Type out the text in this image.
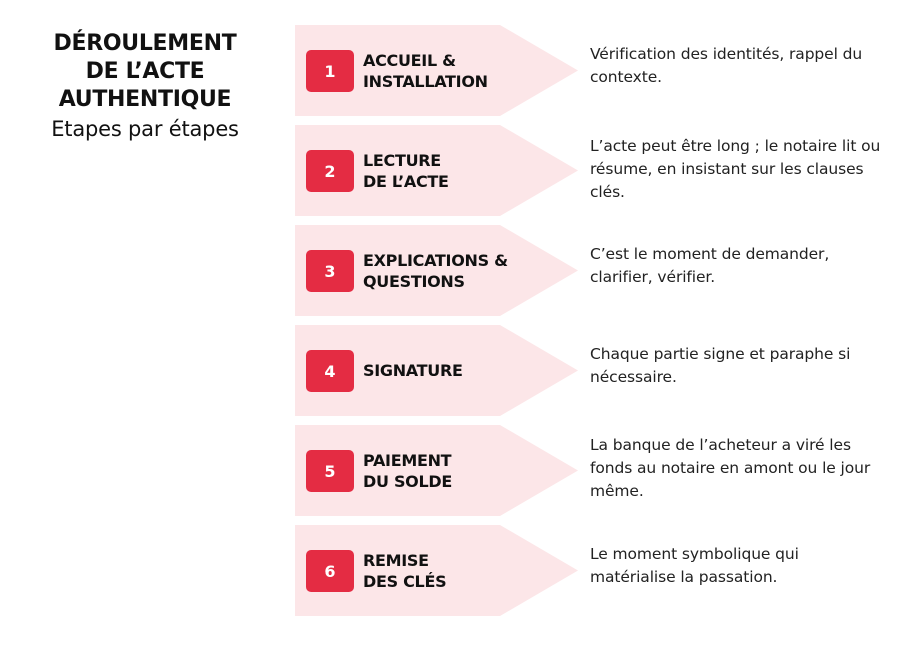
DÉROULEMENT
DE L’ACTE
AUTHENTIQUE
Etapes par étapes
1
ACCUEIL &
INSTALLATION
Vérification des identités, rappel du contexte.
2
LECTURE
DE L’ACTE
L’acte peut être long ; le notaire lit ou résume, en insistant sur les clauses clés.
3
EXPLICATIONS &
QUESTIONS
C’est le moment de demander, clarifier, vérifier.
4	SIGNATURE
Chaque partie signe et paraphe si nécessaire.
5
PAIEMENT
DU SOLDE
La banque de l’acheteur a viré les fonds au notaire en amont ou le jour même.
6
REMISE
DES CLÉS
Le moment symbolique qui matérialise la passation.
